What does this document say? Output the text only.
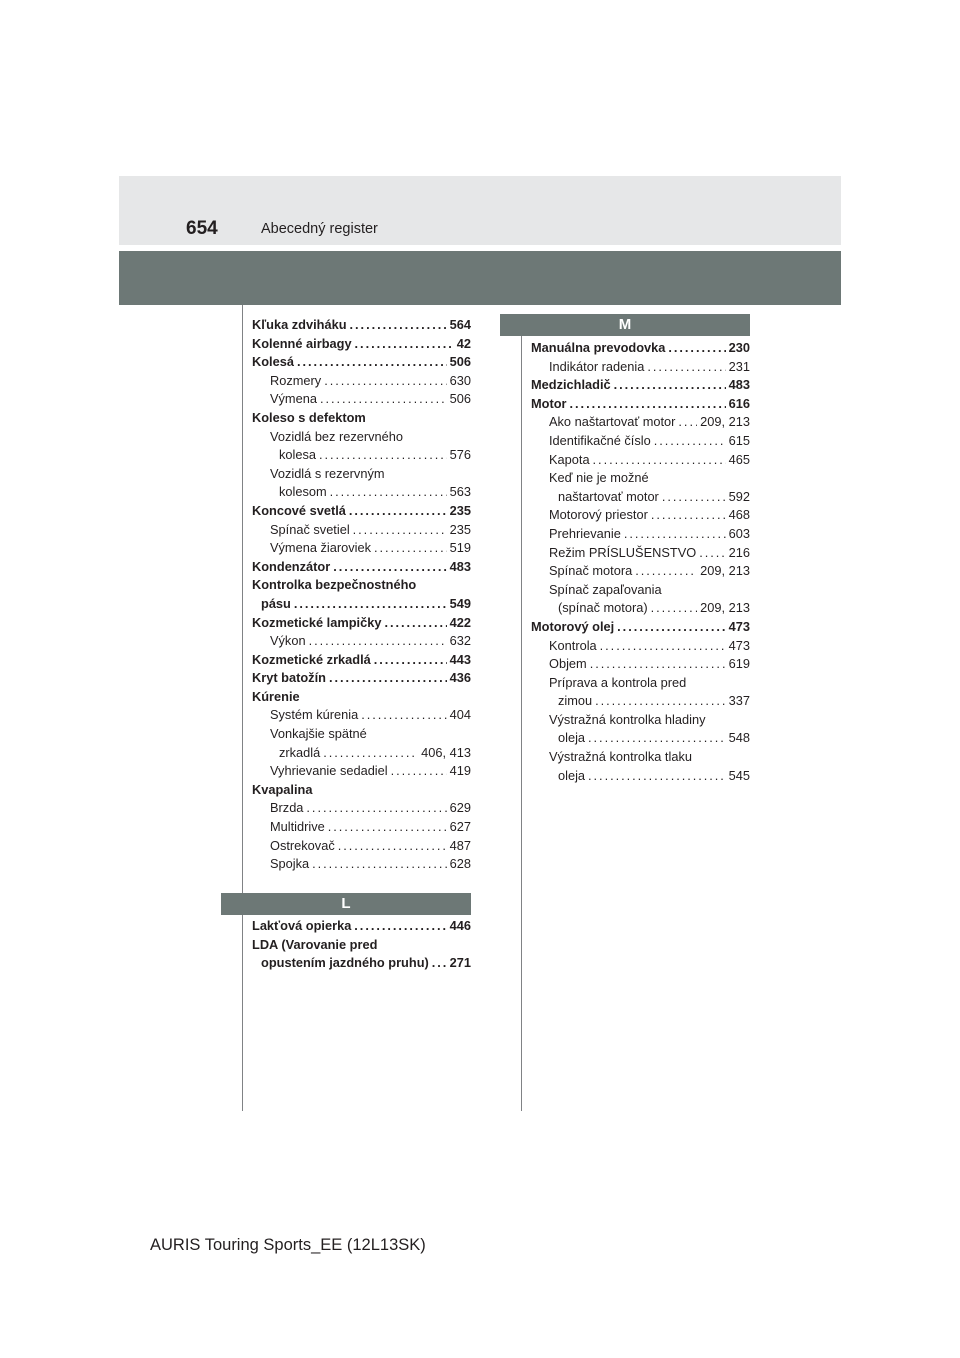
654	Abecedný register
Kľuka zdviháku . . .	564
Kolenné airbagy . . .	42
Kolesá . . .	506
Rozmery . . .	630
Výmena . . .	506
Koleso s defektom
Vozidlá bez rezervného
kolesa . . .	576
Vozidlá s rezervným
kolesom . . .	563
Koncové svetlá . . .	235
Spínač svetiel . . .	235
Výmena žiaroviek . . .	519
Kondenzátor . . .	483
Kontrolka bezpečnostného
pásu . . .	549
Kozmetické lampičky . . .	422
Výkon . . .	632
Kozmetické zrkadlá . . .	443
Kryt batožín . . .	436
Kúrenie
Systém kúrenia . . .	404
Vonkajšie spätné
zrkadlá . . .	406, 413
Vyhrievanie sedadiel . . .	419
Kvapalina
Brzda . . .	629
Multidrive . . .	627
Ostrekovač . . .	487
Spojka . . .	628
L
Lakťová opierka . . .	446
LDA (Varovanie pred
opustením jazdného pruhu) . . . 271
M
Manuálna prevodovka . . .	230
Indikátor radenia . . .	231
Medzichladič . . .	483
Motor . . .	616
Ako naštartovať motor . . . 209, 213
Identifikačné číslo . . .	615
Kapota . . .	465
Keď nie je možné
naštartovať motor . . .	592
Motorový priestor . . .	468
Prehrievanie . . .	603
Režim PRÍSLUŠENSTVO . . .	216
Spínač motora . . .	209, 213
Spínač zapaľovania
(spínač motora) . . .	209, 213
Motorový olej . . .	473
Kontrola . . .	473
Objem . . .	619
Príprava a kontrola pred
zimou . . .	337
Výstražná kontrolka hladiny
oleja . . .	548
Výstražná kontrolka tlaku
oleja . . .	545
AURIS Touring Sports_EE (12L13SK)
